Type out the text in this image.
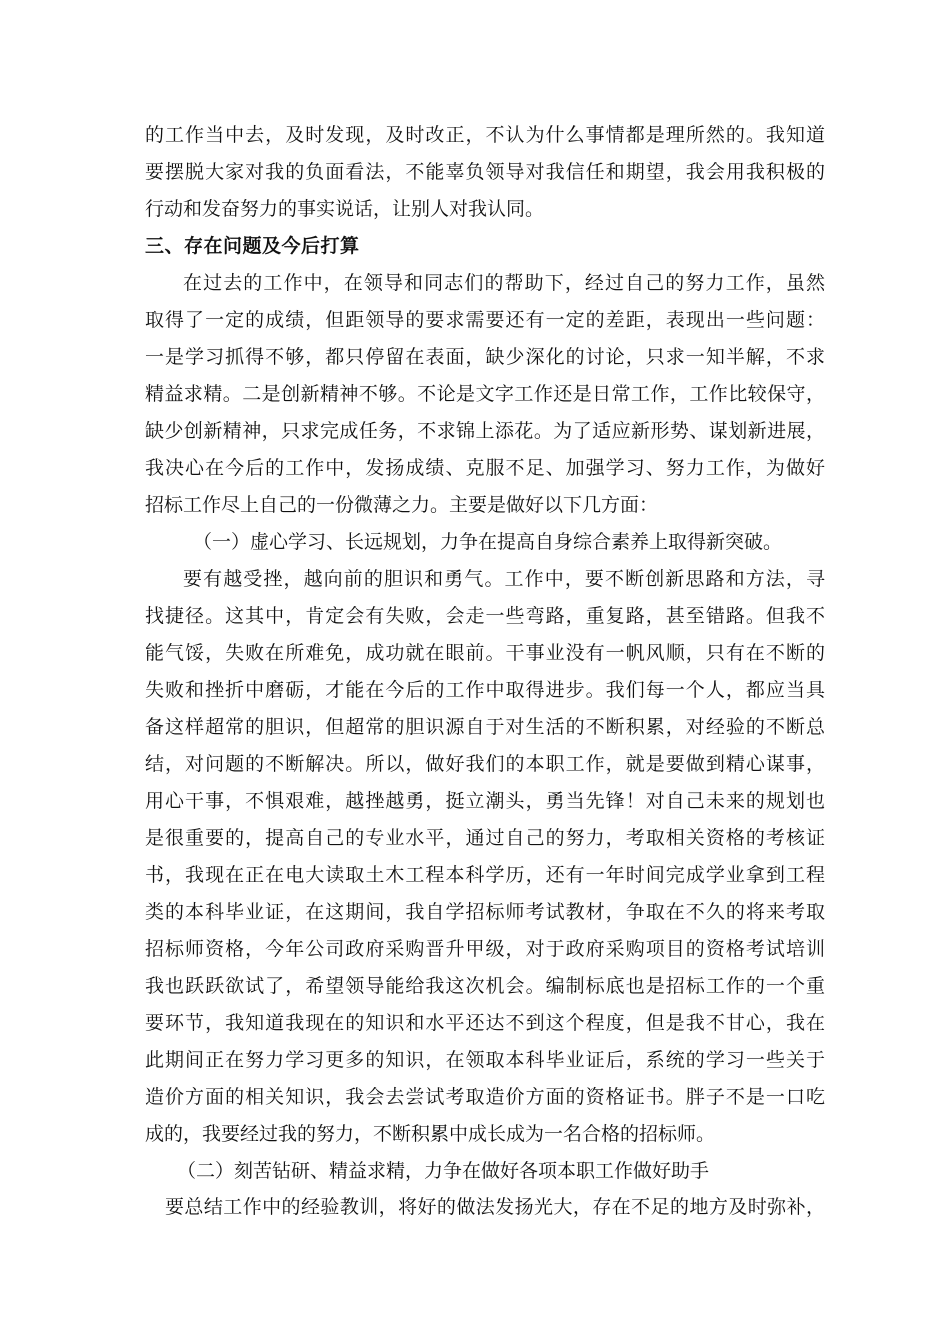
的工作当中去，及时发现，及时改正，不认为什么事情都是理所然的。我知道
要摆脱大家对我的负面看法，不能辜负领导对我信任和期望，我会用我积极的
行动和发奋努力的事实说话，让别人对我认同。
三、存在问题及今后打算
在过去的工作中，在领导和同志们的帮助下，经过自己的努力工作，虽然
取得了一定的成绩，但距领导的要求需要还有一定的差距，表现出一些问题：
一是学习抓得不够，都只停留在表面，缺少深化的讨论，只求一知半解，不求
精益求精。二是创新精神不够。不论是文字工作还是日常工作，工作比较保守，
缺少创新精神，只求完成任务，不求锦上添花。为了适应新形势、谋划新进展，
我决心在今后的工作中，发扬成绩、克服不足、加强学习、努力工作，为做好
招标工作尽上自己的一份微薄之力。主要是做好以下几方面：
（一）虚心学习、长远规划，力争在提高自身综合素养上取得新突破。
要有越受挫，越向前的胆识和勇气。工作中，要不断创新思路和方法，寻
找捷径。这其中，肯定会有失败，会走一些弯路，重复路，甚至错路。但我不
能气馁，失败在所难免，成功就在眼前。干事业没有一帆风顺，只有在不断的
失败和挫折中磨砺，才能在今后的工作中取得进步。我们每一个人，都应当具
备这样超常的胆识，但超常的胆识源自于对生活的不断积累，对经验的不断总
结，对问题的不断解决。所以，做好我们的本职工作，就是要做到精心谋事，
用心干事，不惧艰难，越挫越勇，挺立潮头，勇当先锋！对自己未来的规划也
是很重要的，提高自己的专业水平，通过自己的努力，考取相关资格的考核证
书，我现在正在电大读取土木工程本科学历，还有一年时间完成学业拿到工程
类的本科毕业证，在这期间，我自学招标师考试教材，争取在不久的将来考取
招标师资格，今年公司政府采购晋升甲级，对于政府采购项目的资格考试培训
我也跃跃欲试了，希望领导能给我这次机会。编制标底也是招标工作的一个重
要环节，我知道我现在的知识和水平还达不到这个程度，但是我不甘心，我在
此期间正在努力学习更多的知识，在领取本科毕业证后，系统的学习一些关于
造价方面的相关知识，我会去尝试考取造价方面的资格证书。胖子不是一口吃
成的，我要经过我的努力，不断积累中成长成为一名合格的招标师。
（二）刻苦钻研、精益求精，力争在做好各项本职工作做好助手
要总结工作中的经验教训，将好的做法发扬光大，存在不足的地方及时弥补，
